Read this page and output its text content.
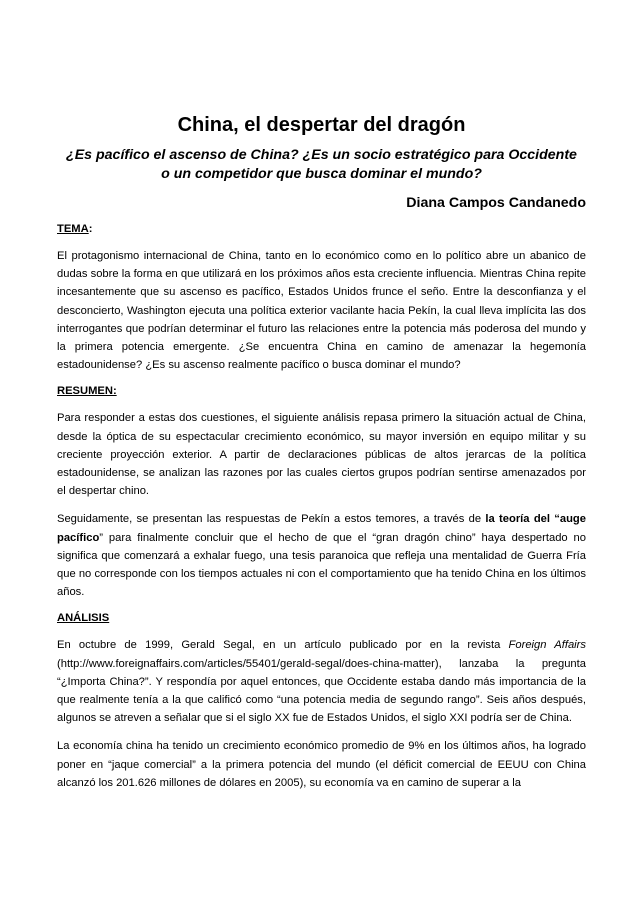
China, el despertar del dragón
¿Es pacífico el ascenso de China? ¿Es un socio estratégico para Occidente o un competidor que busca dominar el mundo?
Diana Campos Candanedo
TEMA:

El protagonismo internacional de China, tanto en lo económico como en lo político abre un abanico de dudas sobre la forma en que utilizará en los próximos años esta creciente influencia. Mientras China repite incesantemente que su ascenso es pacífico, Estados Unidos frunce el seño. Entre la desconfianza y el desconcierto, Washington ejecuta una política exterior vacilante hacia Pekín, la cual lleva implícita las dos interrogantes que podrían determinar el futuro las relaciones entre la potencia más poderosa del mundo y la primera potencia emergente. ¿Se encuentra China en camino de amenazar la hegemonía estadounidense? ¿Es su ascenso realmente pacífico o busca dominar el mundo?

RESUMEN:

Para responder a estas dos cuestiones, el siguiente análisis repasa primero la situación actual de China, desde la óptica de su espectacular crecimiento económico, su mayor inversión en equipo militar y su creciente proyección exterior. A partir de declaraciones públicas de altos jerarcas de la política estadounidense, se analizan las razones por las cuales ciertos grupos podrían sentirse amenazados por el despertar chino.

Seguidamente, se presentan las respuestas de Pekín a estos temores, a través de la teoría del “auge pacífico” para finalmente concluir que el hecho de que el “gran dragón chino” haya despertado no significa que comenzará a exhalar fuego, una tesis paranoica que refleja una mentalidad de Guerra Fría que no corresponde con los tiempos actuales ni con el comportamiento que ha tenido China en los últimos años.

ANÁLISIS

En octubre de 1999, Gerald Segal, en un artículo publicado por en la revista Foreign Affairs (http://www.foreignaffairs.com/articles/55401/gerald-segal/does-china-matter), lanzaba la pregunta “¿Importa China?”. Y respondía por aquel entonces, que Occidente estaba dando más importancia de la que realmente tenía a la que calificó como “una potencia media de segundo rango”. Seis años después, algunos se atreven a señalar que si el siglo XX fue de Estados Unidos, el siglo XXI podría ser de China.

La economía china ha tenido un crecimiento económico promedio de 9% en los últimos años, ha logrado poner en “jaque comercial” a la primera potencia del mundo (el déficit comercial de EEUU con China alcanzó los 201.626 millones de dólares en 2005), su economía va en camino de superar a la
